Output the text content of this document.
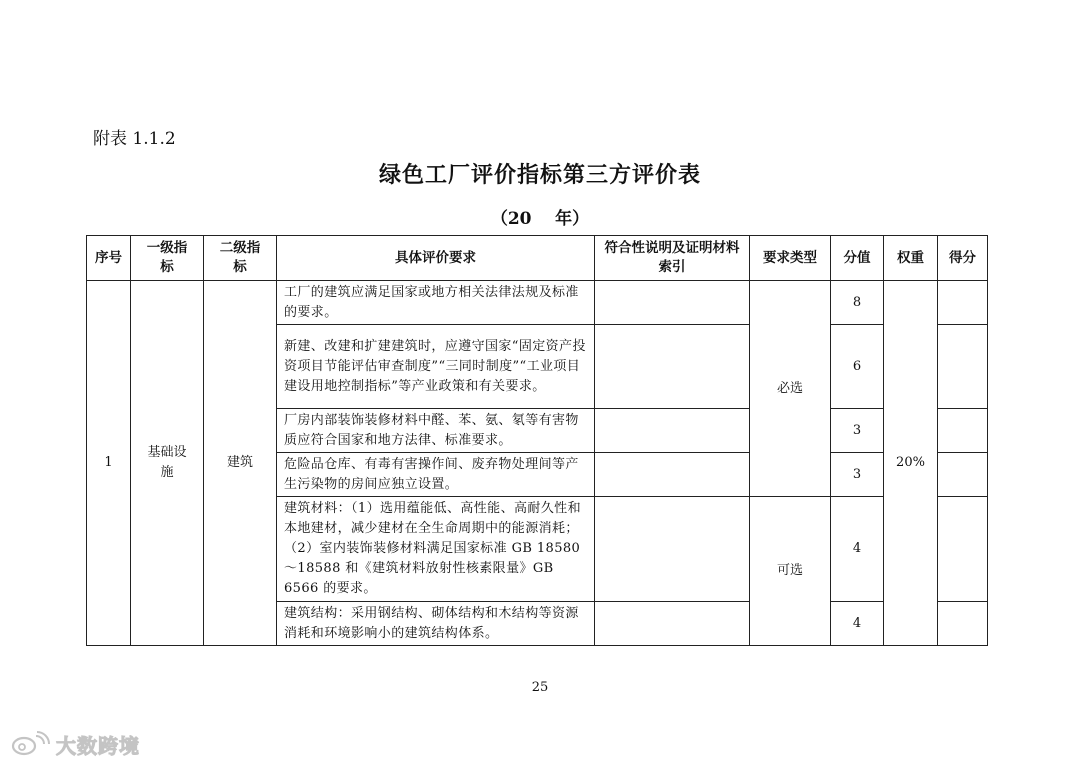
附表 1.1.2
绿色工厂评价指标第三方评价表
（20    年）
序号	一级指标	二级指标	具体评价要求	符合性说明及证明材料索引	要求类型	分值	权重	得分
1	基础设施	建筑	工厂的建筑应满足国家或地方相关法律法规及标准的要求。		必选	8	20%	
			新建、改建和扩建建筑时，应遵守国家“固定资产投资项目节能评估审查制度”“三同时制度”“工业项目建设用地控制指标”等产业政策和有关要求。			6		
			厂房内部装饰装修材料中醛、苯、氨、氡等有害物质应符合国家和地方法律、标准要求。			3		
			危险品仓库、有毒有害操作间、废弃物处理间等产生污染物的房间应独立设置。			3		
			建筑材料：（1）选用蕴能低、高性能、高耐久性和本地建材，减少建材在全生命周期中的能源消耗；（2）室内装饰装修材料满足国家标准 GB 18580～18588 和《建筑材料放射性核素限量》GB 6566 的要求。		可选	4		
			建筑结构：采用钢结构、砌体结构和木结构等资源消耗和环境影响小的建筑结构体系。			4		
25
大数跨境
